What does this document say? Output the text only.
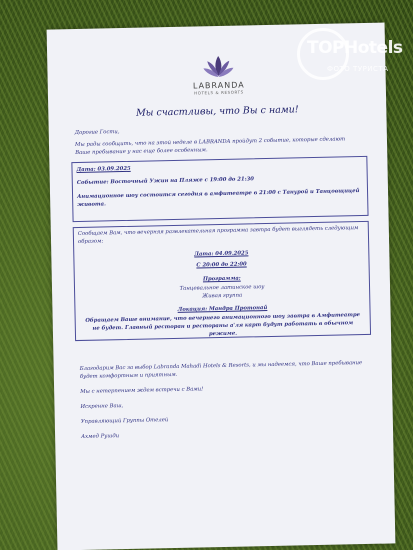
LABRANDA
HOTELS & RESORTS
Мы счастливы, что Вы с нами!
Дорогие Гости,
Мы рады сообщить, что на этой неделе в LABRANDA пройдут 2 событие, которые сделают Ваше пребывание у нас еще более особенным.
Дата: 03.09.2025
Событие: Восточный Ужин на Пляже с 19:00 до 21:30
Анимационное шоу состоится сегодня в амфитеатре в 21:00 с Танурой и Танцовщицей живота.
Сообщаем Вам, что вечерняя развлекательная программа завтра будет выглядеть следующим образом:
Дата: 04.09.2025
С 20:00 до 22:00
Программа:
Танцевальное латинское шоу
Живая группа
Локация: Мандра Протонай
Обращаем Ваше внимание, что вечернего анимационного шоу завтра в Амфитеатре не будет. Главный ресторан и рестораны а'ля карт будут работать в обычном режиме.
Благодарим Вас за выбор Labranda Mahadi Hotels & Resorts, и мы надеемся, что Ваше пребывание будет комфортным и приятным.
Мы с нетерпением ждем встречи с Вами!
Искренне Ваш,
Управляющий Группы Отелей
Ахмед Рушди
TOPHotels
ФОТО ТУРИСТА
